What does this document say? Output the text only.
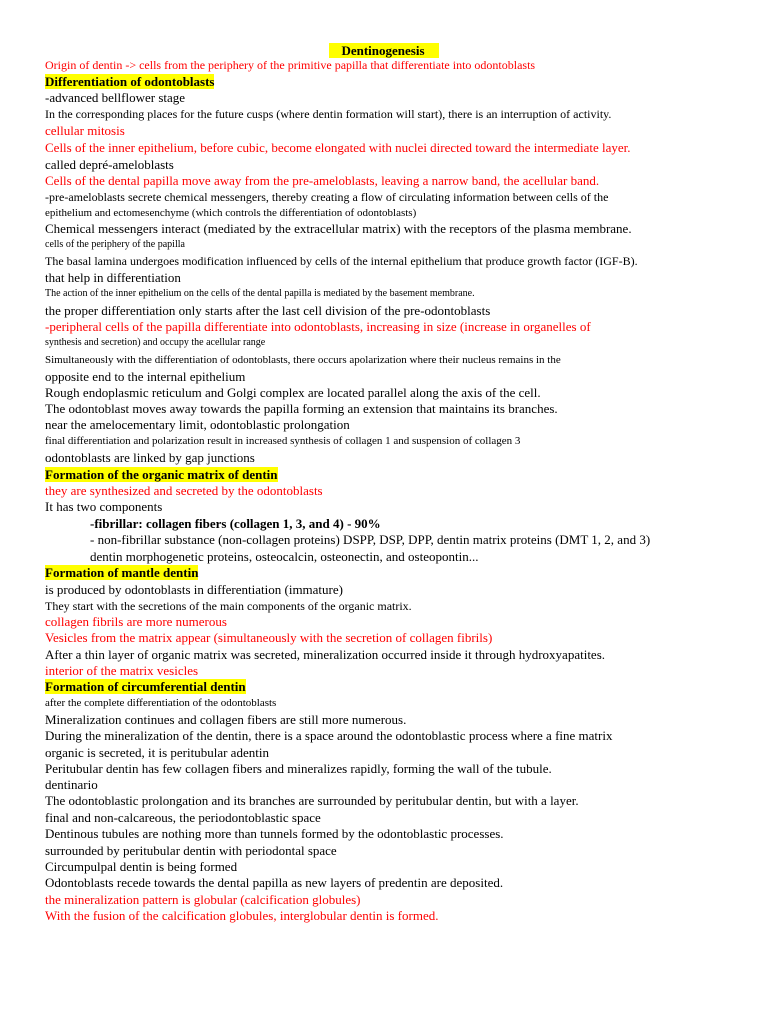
Dentinogenesis
Origin of dentin -> cells from the periphery of the primitive papilla that differentiate into odontoblasts
Differentiation of odontoblasts
-advanced bellflower stage
In the corresponding places for the future cusps (where dentin formation will start), there is an interruption of activity.
cellular mitosis
Cells of the inner epithelium, before cubic, become elongated with nuclei directed toward the intermediate layer.
called depré-ameloblasts
Cells of the dental papilla move away from the pre-ameloblasts, leaving a narrow band, the acellular band.
-pre-ameloblasts secrete chemical messengers, thereby creating a flow of circulating information between cells of the
epithelium and ectomesenchyme (which controls the differentiation of odontoblasts)
Chemical messengers interact (mediated by the extracellular matrix) with the receptors of the plasma membrane.
cells of the periphery of the papilla
The basal lamina undergoes modification influenced by cells of the internal epithelium that produce growth factor (IGF-B).
that help in differentiation
The action of the inner epithelium on the cells of the dental papilla is mediated by the basement membrane.
the proper differentiation only starts after the last cell division of the pre-odontoblasts
-peripheral cells of the papilla differentiate into odontoblasts, increasing in size (increase in organelles of
synthesis and secretion) and occupy the acellular range
Simultaneously with the differentiation of odontoblasts, there occurs apolarization where their nucleus remains in the
opposite end to the internal epithelium
Rough endoplasmic reticulum and Golgi complex are located parallel along the axis of the cell.
The odontoblast moves away towards the papilla forming an extension that maintains its branches.
near the amelocementary limit, odontoblastic prolongation
final differentiation and polarization result in increased synthesis of collagen 1 and suspension of collagen 3
odontoblasts are linked by gap junctions
Formation of the organic matrix of dentin
they are synthesized and secreted by the odontoblasts
It has two components
-fibrillar: collagen fibers (collagen 1, 3, and 4) - 90%
- non-fibrillar substance (non-collagen proteins) DSPP, DSP, DPP, dentin matrix proteins (DMT 1, 2, and 3)
dentin morphogenetic proteins, osteocalcin, osteonectin, and osteopontin...
Formation of mantle dentin
is produced by odontoblasts in differentiation (immature)
They start with the secretions of the main components of the organic matrix.
collagen fibrils are more numerous
Vesicles from the matrix appear (simultaneously with the secretion of collagen fibrils)
After a thin layer of organic matrix was secreted, mineralization occurred inside it through hydroxyapatites.
interior of the matrix vesicles
Formation of circumferential dentin
after the complete differentiation of the odontoblasts
Mineralization continues and collagen fibers are still more numerous.
During the mineralization of the dentin, there is a space around the odontoblastic process where a fine matrix
organic is secreted, it is peritubular adentin
Peritubular dentin has few collagen fibers and mineralizes rapidly, forming the wall of the tubule.
dentinario
The odontoblastic prolongation and its branches are surrounded by peritubular dentin, but with a layer.
final and non-calcareous, the periodontoblastic space
Dentinous tubules are nothing more than tunnels formed by the odontoblastic processes.
surrounded by peritubular dentin with periodontal space
Circumpulpal dentin is being formed
Odontoblasts recede towards the dental papilla as new layers of predentin are deposited.
the mineralization pattern is globular (calcification globules)
With the fusion of the calcification globules, interglobular dentin is formed.
